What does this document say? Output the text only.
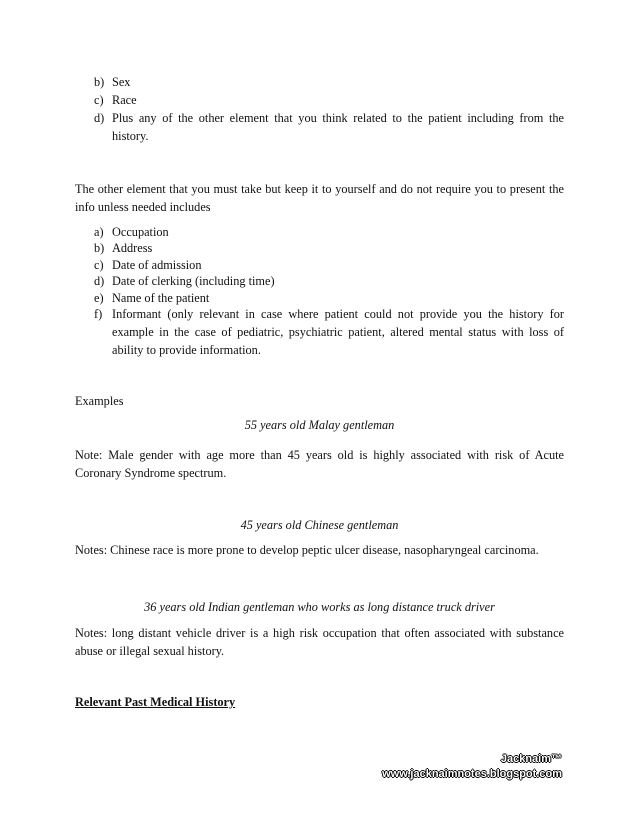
b) Sex
c) Race
d) Plus any of the other element that you think related to the patient including from the history.
The other element that you must take but keep it to yourself and do not require you to present the info unless needed includes
a) Occupation
b) Address
c) Date of admission
d) Date of clerking (including time)
e) Name of the patient
f) Informant (only relevant in case where patient could not provide you the history for example in the case of pediatric, psychiatric patient, altered mental status with loss of ability to provide information.
Examples
55 years old Malay gentleman
Note: Male gender with age more than 45 years old is highly associated with risk of Acute Coronary Syndrome spectrum.
45 years old Chinese gentleman
Notes: Chinese race is more prone to develop peptic ulcer disease, nasopharyngeal carcinoma.
36 years old Indian gentleman who works as long distance truck driver
Notes: long distant vehicle driver is a high risk occupation that often associated with substance abuse or illegal sexual history.
Relevant Past Medical History
Jacknaim™
www.jacknaimnotes.blogspot.com
